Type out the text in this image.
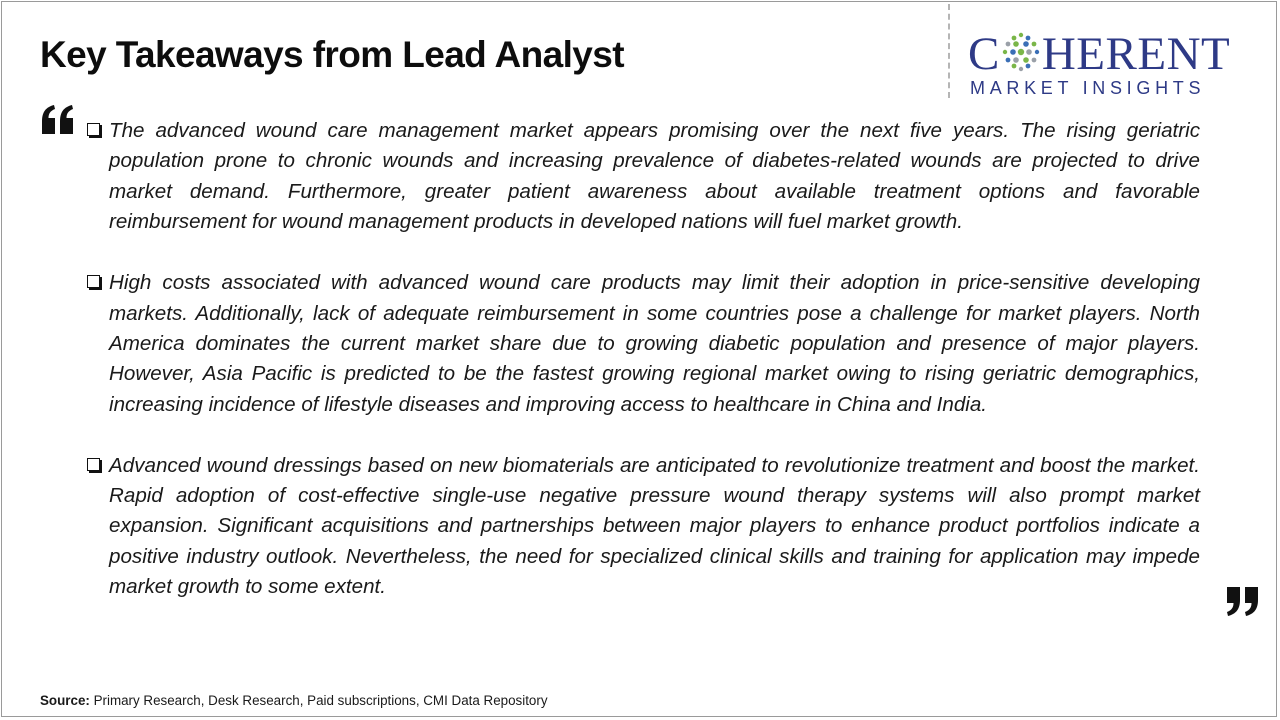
Key Takeaways from Lead Analyst	C HERENT
MARKET INSIGHTS
The advanced wound care management market appears promising over the next five years. The rising geriatric population prone to chronic wounds and increasing prevalence of diabetes-related wounds are projected to drive market demand. Furthermore, greater patient awareness about available treatment options and favorable reimbursement for wound management products in developed nations will fuel market growth.
High costs associated with advanced wound care products may limit their adoption in price-sensitive developing markets. Additionally, lack of adequate reimbursement in some countries pose a challenge for market players. North America dominates the current market share due to growing diabetic population and presence of major players. However, Asia Pacific is predicted to be the fastest growing regional market owing to rising geriatric demographics, increasing incidence of lifestyle diseases and improving access to healthcare in China and India.
Advanced wound dressings based on new biomaterials are anticipated to revolutionize treatment and boost the market. Rapid adoption of cost-effective single-use negative pressure wound therapy systems will also prompt market expansion. Significant acquisitions and partnerships between major players to enhance product portfolios indicate a positive industry outlook. Nevertheless, the need for specialized clinical skills and training for application may impede market growth to some extent.
Source: Primary Research, Desk Research, Paid subscriptions, CMI Data Repository
